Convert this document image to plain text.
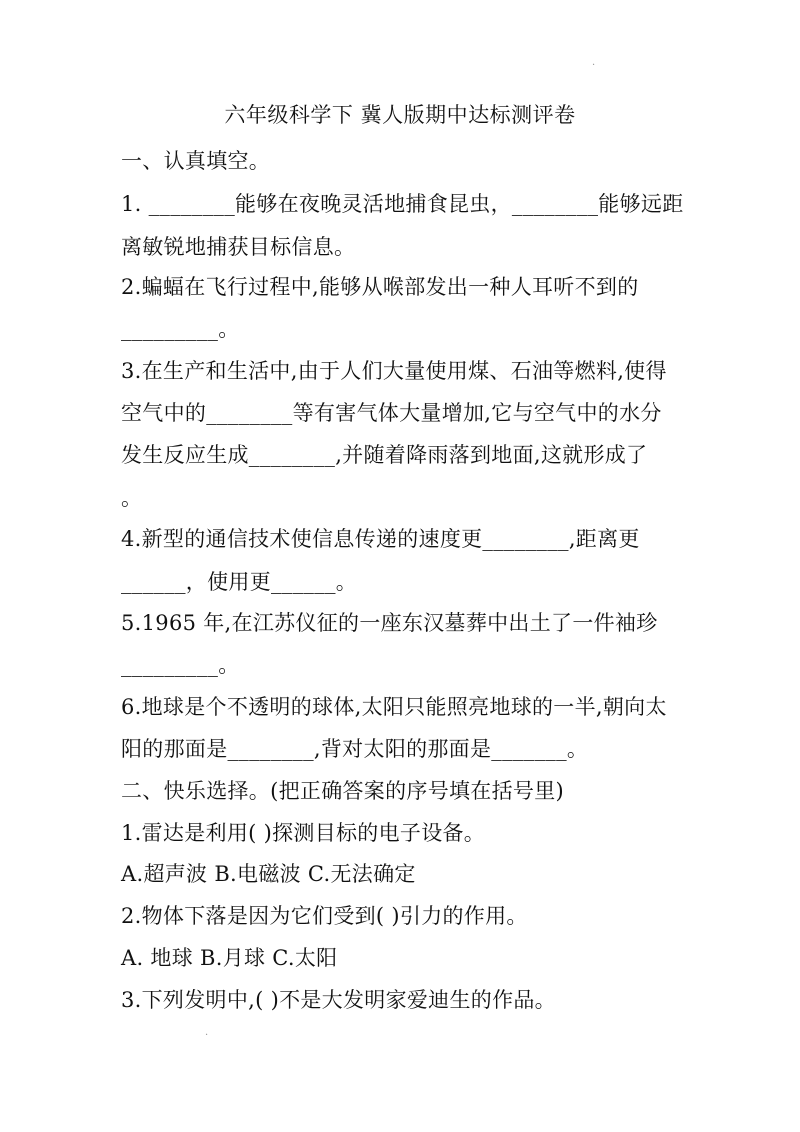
·
六年级科学下 冀人版期中达标测评卷
一、认真填空。
1. ________能够在夜晚灵活地捕食昆虫，________能够远距
离敏锐地捕获目标信息。
2.蝙蝠在飞行过程中,能够从喉部发出一种人耳听不到的
_________。
3.在生产和生活中,由于人们大量使用煤、石油等燃料,使得
空气中的________等有害气体大量增加,它与空气中的水分
发生反应生成________,并随着降雨落到地面,这就形成了
。
4.新型的通信技术使信息传递的速度更________,距离更
______，使用更______。
5.1965 年,在江苏仪征的一座东汉墓葬中出土了一件袖珍
_________。
6.地球是个不透明的球体,太阳只能照亮地球的一半,朝向太
阳的那面是________,背对太阳的那面是_______。
二、快乐选择。(把正确答案的序号填在括号里)
1.雷达是利用( )探测目标的电子设备。
A.超声波 B.电磁波 C.无法确定
2.物体下落是因为它们受到( )引力的作用。
A. 地球 B.月球 C.太阳
3.下列发明中,( )不是大发明家爱迪生的作品。
·
